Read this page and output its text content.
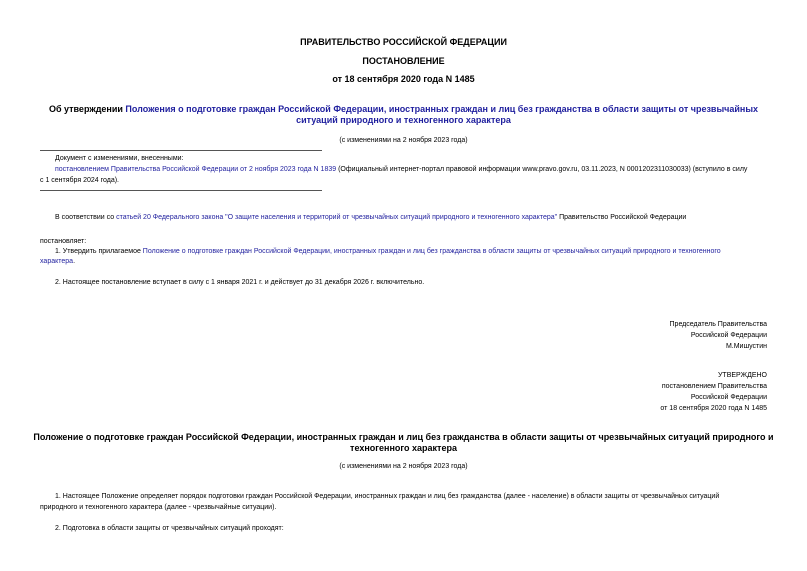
ПРАВИТЕЛЬСТВО РОССИЙСКОЙ ФЕДЕРАЦИИ
ПОСТАНОВЛЕНИЕ
от 18 сентября 2020 года N 1485
Об утверждении Положения о подготовке граждан Российской Федерации, иностранных граждан и лиц без гражданства в области защиты от чрезвычайных ситуаций природного и техногенного характера
(с изменениями на 2 ноября 2023 года)
Документ с изменениями, внесенными:
постановлением Правительства Российской Федерации от 2 ноября 2023 года N 1839 (Официальный интернет-портал правовой информации www.pravo.gov.ru, 03.11.2023, N 0001202311030033) (вступило в силу
с 1 сентября 2024 года).
В соответствии со статьей 20 Федерального закона "О защите населения и территорий от чрезвычайных ситуаций природного и техногенного характера" Правительство Российской Федерации
постановляет:
1. Утвердить прилагаемое Положение о подготовке граждан Российской Федерации, иностранных граждан и лиц без гражданства в области защиты от чрезвычайных ситуаций природного и техногенного
характера.
2. Настоящее постановление вступает в силу с 1 января 2021 г. и действует до 31 декабря 2026 г. включительно.
Председатель Правительства
Российской Федерации
М.Мишустин
УТВЕРЖДЕНО
постановлением Правительства
Российской Федерации
от 18 сентября 2020 года N 1485
Положение о подготовке граждан Российской Федерации, иностранных граждан и лиц без гражданства в области защиты от чрезвычайных ситуаций природного и
техногенного характера
(с изменениями на 2 ноября 2023 года)
1. Настоящее Положение определяет порядок подготовки граждан Российской Федерации, иностранных граждан и лиц без гражданства (далее - население) в области защиты от чрезвычайных ситуаций
природного и техногенного характера (далее - чрезвычайные ситуации).
2. Подготовка в области защиты от чрезвычайных ситуаций проходят:
